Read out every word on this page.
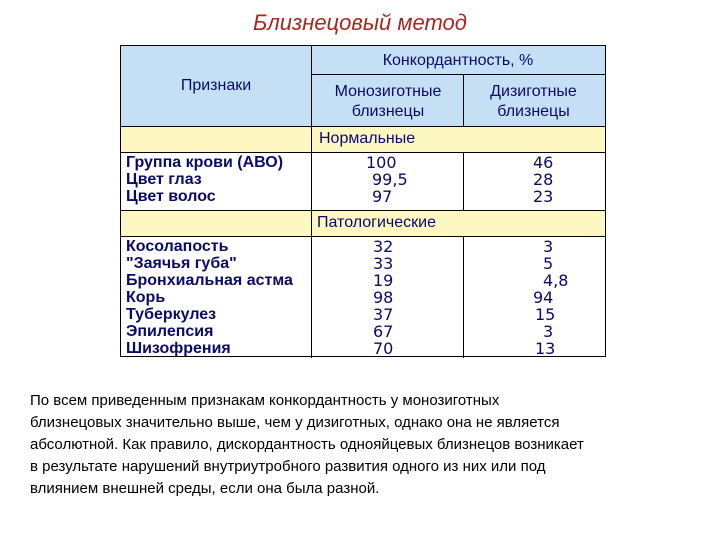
Близнецовый метод
Признаки
Конкордантность, %
Монозиготные близнецы
Дизиготные близнецы
Нормальные
Патологические
Группа крови (АВО)
Цвет глаз
Цвет волос
100
99,5
97
46
28
23
Косолапость
"Заячья губа"
Бронхиальная астма
Корь
Туберкулез
Эпилепсия
Шизофрения
32
33
19
98
37
67
70
3
5
4,8
94
15
3
13
По всем приведенным признакам конкордантность у монозиготных
близнецовых значительно выше, чем у дизиготных, однако она не является
абсолютной. Как правило, дискордантность однояйцевых близнецов возникает
в результате нарушений внутриутробного развития одного из них или под
влиянием внешней среды, если она была разной.
